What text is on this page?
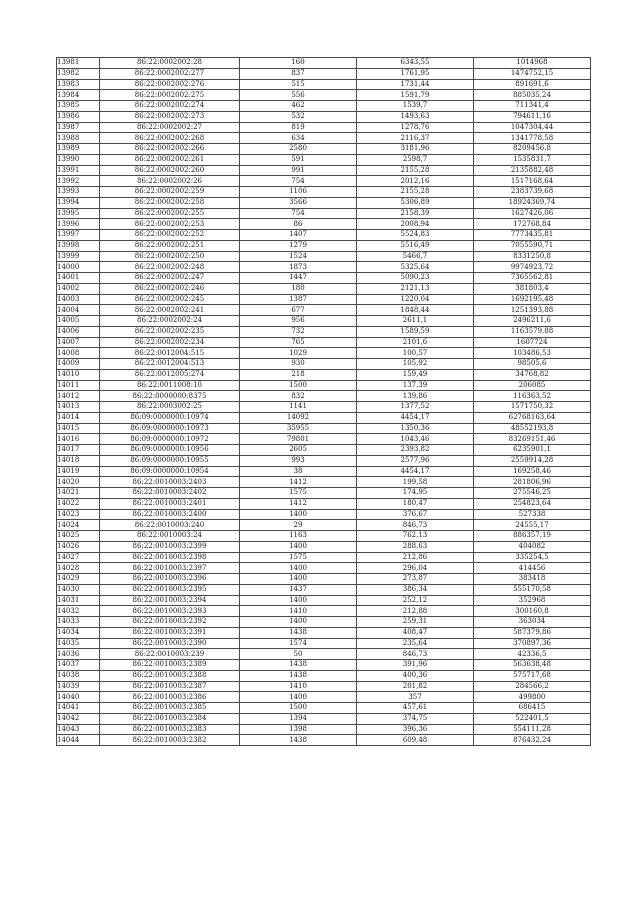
13981	86:22:0002002:28	160	6343,55	1014968
13982	86:22:0002002:277	837	1761,95	1474752,15
13983	86:22:0002002:276	515	1731,44	891691,6
13984	86:22:0002002:275	556	1591,79	885035,24
13985	86:22:0002002:274	462	1539,7	711341,4
13986	86:22:0002002:273	532	1493,63	794611,16
13987	86:22:0002002:27	819	1278,76	1047304,44
13988	86:22:0002002:268	634	2116,37	1341778,58
13989	86:22:0002002:266	2580	3181,96	8209456,8
13990	86:22:0002002:261	591	2598,7	1535831,7
13991	86:22:0002002:260	991	2155,28	2135882,48
13992	86:22:0002002:26	754	2012,16	1517168,64
13993	86:22:0002002:259	1106	2155,28	2383739,68
13994	86:22:0002002:258	3566	5306,89	18924369,74
13995	86:22:0002002:255	754	2158,39	1627426,06
13996	86:22:0002002:253	86	2008,94	172768,84
13997	86:22:0002002:252	1407	5524,83	7773435,81
13998	86:22:0002002:251	1279	5516,49	7055590,71
13999	86:22:0002002:250	1524	5466,7	8331250,8
14000	86:22:0002002:248	1873	5325,64	9974923,72
14001	86:22:0002002:247	1447	5090,23	7365562,81
14002	86:22:0002002:246	180	2121,13	381803,4
14003	86:22:0002002:245	1387	1220,04	1692195,48
14004	86:22:0002002:241	677	1848,44	1251393,88
14005	86:22:0002002:24	956	2611,1	2496211,6
14006	86:22:0002002:235	732	1589,59	1163579,88
14007	86:22:0002002:234	765	2101,6	1607724
14008	86:22:0012004:515	1029	100,57	103486,53
14009	86:22:0012004:513	930	105,92	98505,6
14010	86:22:0012005:274	218	159,49	34768,82
14011	86:22:0011008:10	1500	137,39	206085
14012	86:22:0000000:8375	832	139,86	116363,52
14013	86:22:0003002:25	1141	1377,52	1571750,32
14014	86:09:0000000:10974	14092	4454,17	62768163,64
14015	86:09:0000000:10973	35955	1350,36	48552193,8
14016	86:09:0000000:10972	79801	1043,46	83269151,46
14017	86:09:0000000:10956	2605	2393,82	6235901,1
14018	86:09:0000000:10955	993	2577,96	2559914,28
14019	86:09:0000000:10954	38	4454,17	169258,46
14020	86:22:0010003:2403	1412	199,58	281806,96
14021	86:22:0010003:2402	1575	174,95	275546,25
14022	86:22:0010003:2401	1412	180,47	254823,64
14023	86:22:0010003:2400	1400	376,67	527338
14024	86:22:0010003:240	29	846,73	24555,17
14025	86:22:0010003:24	1163	762,13	886357,19
14026	86:22:0010003:2399	1400	288,63	404082
14027	86:22:0010003:2398	1575	212,86	335254,5
14028	86:22:0010003:2397	1400	296,04	414456
14029	86:22:0010003:2396	1400	273,87	383418
14030	86:22:0010003:2395	1437	386,34	555170,58
14031	86:22:0010003:2394	1400	252,12	352968
14032	86:22:0010003:2393	1410	212,88	300160,8
14033	86:22:0010003:2392	1400	259,31	363034
14034	86:22:0010003:2391	1438	408,47	587379,86
14035	86:22:0010003:2390	1574	235,64	370897,36
14036	86:22:0010003:239	50	846,73	42336,5
14037	86:22:0010003:2389	1438	391,96	563638,48
14038	86:22:0010003:2388	1438	400,36	575717,68
14039	86:22:0010003:2387	1410	201,82	284566,2
14040	86:22:0010003:2386	1400	357	499800
14041	86:22:0010003:2385	1500	457,61	686415
14042	86:22:0010003:2384	1394	374,75	522401,5
14043	86:22:0010003:2383	1398	396,36	554111,28
14044	86:22:0010003:2382	1438	609,48	876432,24
